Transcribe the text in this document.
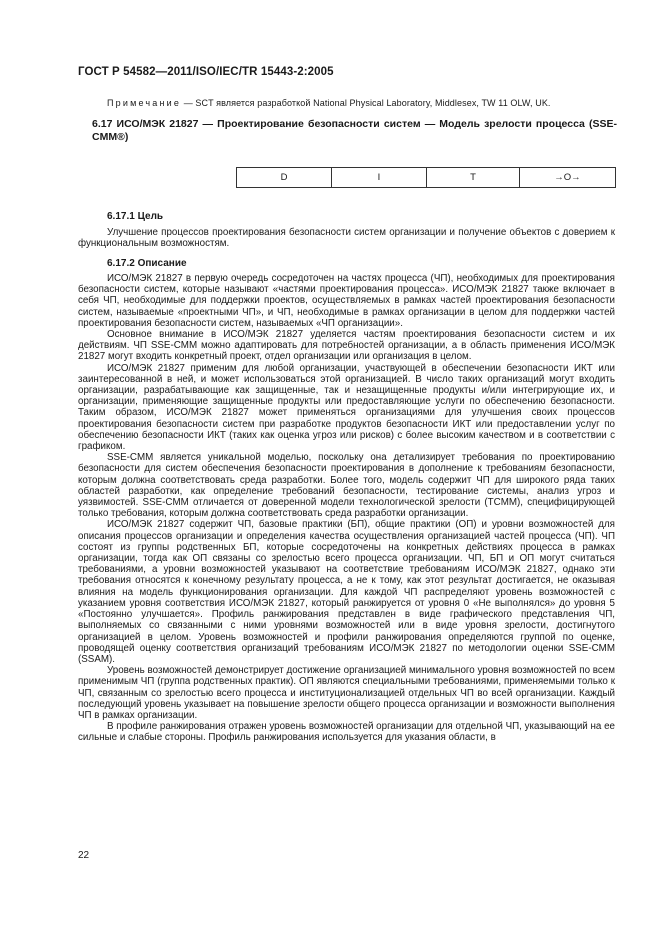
ГОСТ Р 54582—2011/ISO/IEC/TR 15443-2:2005
Примечание — SCT является разработкой National Physical Laboratory, Middlesex, TW 11 OLW, UK.
6.17 ИСО/МЭК 21827 — Проектирование безопасности систем — Модель зрелости процесса (SSE-CMM®)
D	I	T	→O→
6.17.1 Цель

Улучшение процессов проектирования безопасности систем организации и получение объектов с доверием к функциональным возможностям.

6.17.2 Описание

ИСО/МЭК 21827 в первую очередь сосредоточен на частях процесса (ЧП), необходимых для проектирования безопасности систем, которые называют «частями проектирования процесса». ИСО/МЭК 21827 также включает в себя ЧП, необходимые для поддержки проектов, осуществляемых в рамках частей проектирования безопасности систем, называемые «проектными ЧП», и ЧП, необходимые в рамках организации в целом для поддержки частей проектирования безопасности систем, называемых «ЧП организации».

Основное внимание в ИСО/МЭК 21827 уделяется частям проектирования безопасности систем и их действиям. ЧП SSE-CMM можно адаптировать для потребностей организации, а в область применения ИСО/МЭК 21827 могут входить конкретный проект, отдел организации или организация в целом.

ИСО/МЭК 21827 применим для любой организации, участвующей в обеспечении безопасности ИКТ или заинтересованной в ней, и может использоваться этой организацией. В число таких организаций могут входить организации, разрабатывающие как защищенные, так и незащищенные продукты и/или интегрирующие их, и организации, применяющие защищенные продукты или предоставляющие услуги по обеспечению безопасности. Таким образом, ИСО/МЭК 21827 может применяться организациями для улучшения своих процессов проектирования безопасности систем при разработке продуктов безопасности ИКТ или предоставлении услуг по обеспечению безопасности ИКТ (таких как оценка угроз или рисков) с более высоким качеством и в соответствии с графиком.

SSE-CMM является уникальной моделью, поскольку она детализирует требования по проектированию безопасности для систем обеспечения безопасности проектирования в дополнение к требованиям безопасности, которым должна соответствовать среда разработки. Более того, модель содержит ЧП для широкого ряда таких областей разработки, как определение требований безопасности, тестирование системы, анализ угроз и уязвимостей. SSE-CMM отличается от доверенной модели технологической зрелости (TCMM), специфицирующей только требования, которым должна соответствовать среда разработки организации.

ИСО/МЭК 21827 содержит ЧП, базовые практики (БП), общие практики (ОП) и уровни возможностей для описания процессов организации и определения качества осуществления организацией частей процесса (ЧП). ЧП состоят из группы родственных БП, которые сосредоточены на конкретных действиях процесса в рамках организации, тогда как ОП связаны со зрелостью всего процесса организации. ЧП, БП и ОП могут считаться требованиями, а уровни возможностей указывают на соответствие требованиям ИСО/МЭК 21827, однако эти требования относятся к конечному результату процесса, а не к тому, как этот результат достигается, не оказывая влияния на модель функционирования организации. Для каждой ЧП распределяют уровень возможностей с указанием уровня соответствия ИСО/МЭК 21827, который ранжируется от уровня 0 «Не выполнялся» до уровня 5 «Постоянно улучшается». Профиль ранжирования представлен в виде графического представления ЧП, выполняемых со связанными с ними уровнями возможностей или в виде уровня зрелости, достигнутого организацией в целом. Уровень возможностей и профили ранжирования определяются группой по оценке, проводящей оценку соответствия организаций требованиям ИСО/МЭК 21827 по методологии оценки SSE-CMM (SSAM).

Уровень возможностей демонстрирует достижение организацией минимального уровня возможностей по всем применимым ЧП (группа родственных практик). ОП являются специальными требованиями, применяемыми только к ЧП, связанным со зрелостью всего процесса и институционализацией отдельных ЧП во всей организации. Каждый последующий уровень указывает на повышение зрелости общего процесса организации и возможности выполнения ЧП в рамках организации.

В профиле ранжирования отражен уровень возможностей организации для отдельной ЧП, указывающий на ее сильные и слабые стороны. Профиль ранжирования используется для указания области, в

22
